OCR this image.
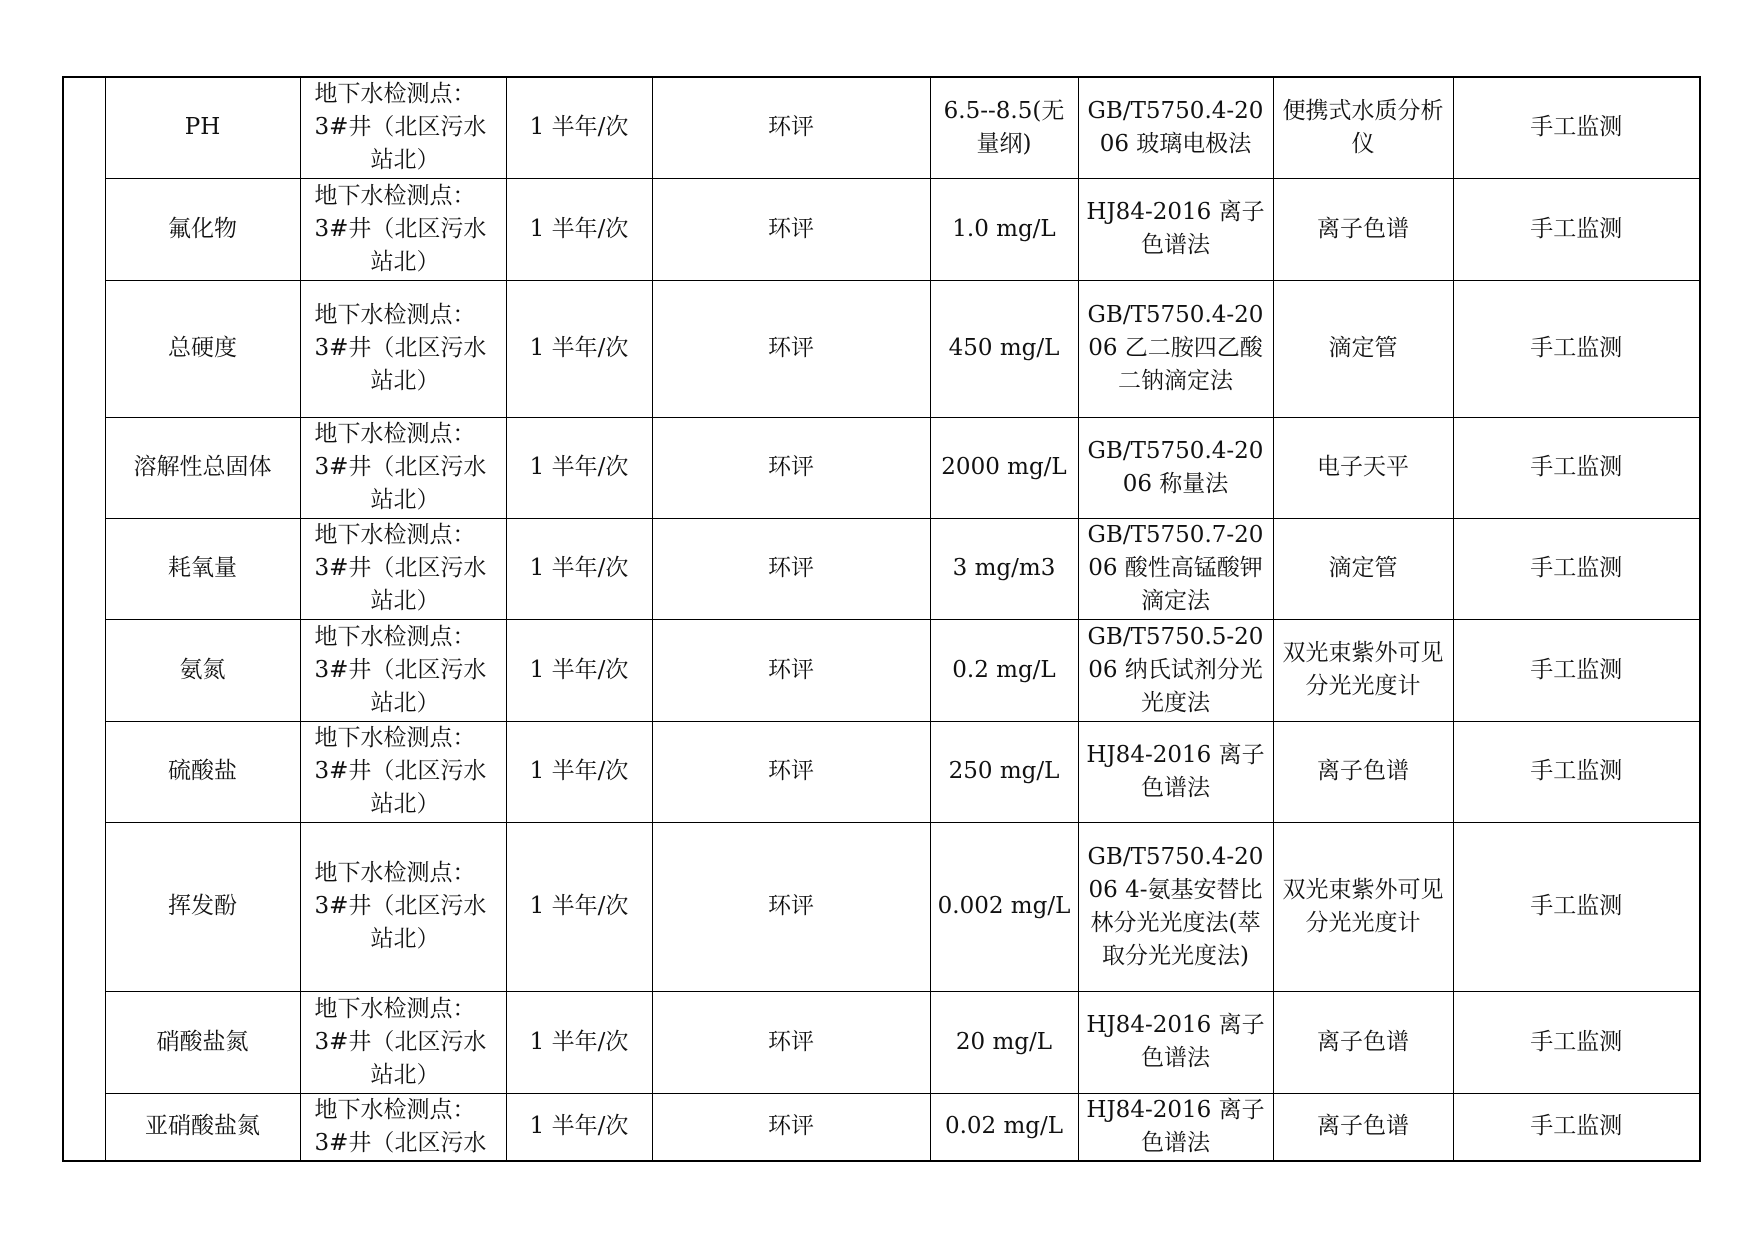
	PH	地下水检测点：
3#井（北区污水
站北）	1 半年/次	环评	6.5--8.5(无量纲)	GB/T5750.4-2006 玻璃电极法	便携式水质分析仪	手工监测
	氟化物	地下水检测点：
3#井（北区污水
站北）	1 半年/次	环评	1.0 mg/L	HJ84-2016 离子色谱法	离子色谱	手工监测
	总硬度	地下水检测点：
3#井（北区污水
站北）	1 半年/次	环评	450 mg/L	GB/T5750.4-2006 乙二胺四乙酸二钠滴定法	滴定管	手工监测
	溶解性总固体	地下水检测点：
3#井（北区污水
站北）	1 半年/次	环评	2000 mg/L	GB/T5750.4-2006 称量法	电子天平	手工监测
	耗氧量	地下水检测点：
3#井（北区污水
站北）	1 半年/次	环评	3 mg/m3	GB/T5750.7-2006 酸性高锰酸钾滴定法	滴定管	手工监测
	氨氮	地下水检测点：
3#井（北区污水
站北）	1 半年/次	环评	0.2 mg/L	GB/T5750.5-2006 纳氏试剂分光光度法	双光束紫外可见分光光度计	手工监测
	硫酸盐	地下水检测点：
3#井（北区污水
站北）	1 半年/次	环评	250 mg/L	HJ84-2016 离子色谱法	离子色谱	手工监测
	挥发酚	地下水检测点：
3#井（北区污水
站北）	1 半年/次	环评	0.002 mg/L	GB/T5750.4-2006 4-氨基安替比林分光光度法(萃取分光光度法)	双光束紫外可见分光光度计	手工监测
	硝酸盐氮	地下水检测点：
3#井（北区污水
站北）	1 半年/次	环评	20 mg/L	HJ84-2016 离子色谱法	离子色谱	手工监测
	亚硝酸盐氮	地下水检测点：
3#井（北区污水	1 半年/次	环评	0.02 mg/L	HJ84-2016 离子色谱法	离子色谱	手工监测
